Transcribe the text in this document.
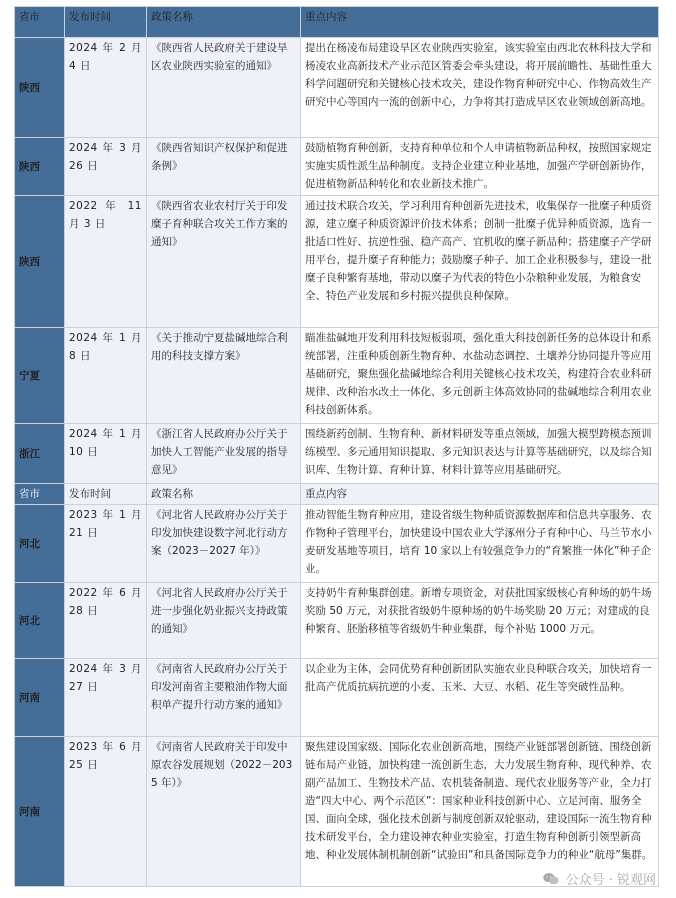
省市	发布时间	政策名称	重点内容
陕西	2024 年 2 月 4 日	《陕西省人民政府关于建设旱区农业陕西实验室的通知》	提出在杨凌布局建设旱区农业陕西实验室，该实验室由西北农林科技大学和杨凌农业高新技术产业示范区管委会牵头建设，将开展前瞻性、基础性重大科学问题研究和关键核心技术攻关，建设作物育种研究中心、作物高效生产研究中心等国内一流的创新中心，力争将其打造成旱区农业领域创新高地。
陕西	2024 年 3 月 26 日	《陕西省知识产权保护和促进条例》	鼓励植物育种创新，支持育种单位和个人申请植物新品种权，按照国家规定实施实质性派生品种制度。支持企业建立种业基地，加强产学研创新协作，促进植物新品种转化和农业新技术推广。
陕西	2022 年 11 月 3 日	《陕西省农业农村厅关于印发糜子育种联合攻关工作方案的通知》	通过技术联合攻关，学习利用育种创新先进技术，收集保存一批糜子种质资源，建立糜子种质资源评价技术体系；创制一批糜子优异种质资源，选育一批适口性好、抗逆性强、稳产高产、宜机收的糜子新品种；搭建糜子产学研用平台，提升糜子育种能力；鼓励糜子种子、加工企业积极参与，建设一批糜子良种繁育基地，带动以糜子为代表的特色小杂粮种业发展，为粮食安全、特色产业发展和乡村振兴提供良种保障。
宁夏	2024 年 1 月 8 日	《关于推动宁夏盐碱地综合利用的科技支撑方案》	瞄准盐碱地开发利用科技短板弱项，强化重大科技创新任务的总体设计和系统部署，注重种质创新生物育种、水盐动态调控、土壤养分协同提升等应用基础研究，聚焦强化盐碱地综合利用关键核心技术攻关，构建符合农业科研规律、改种治水改土一体化、多元创新主体高效协同的盐碱地综合利用农业科技创新体系。
浙江	2024 年 1 月 10 日	《浙江省人民政府办公厅关于加快人工智能产业发展的指导意见》	围绕新药创制、生物育种、新材料研发等重点领域，加强大模型跨模态预训练模型、多元通用知识提取、多元知识表达与计算等基础研究，以及综合知识库、生物计算、育种计算、材料计算等应用基础研究。
省市	发布时间	政策名称	重点内容
河北	2023 年 1 月 21 日	《河北省人民政府办公厅关于印发加快建设数字河北行动方案（2023－2027 年）》	推动智能生物育种应用，建设省级生物种质资源数据库和信息共享服务、农作物种子管理平台，加快建设中国农业大学涿州分子育种中心、马兰节水小麦研发基地等项目，培育 10 家以上有较强竞争力的“育繁推一体化”种子企业。
河北	2022 年 6 月 28 日	《河北省人民政府办公厅关于进一步强化奶业振兴支持政策的通知》	支持奶牛育种集群创建。新增专项资金，对获批国家级核心育种场的奶牛场奖励 50 万元，对获批省级奶牛原种场的奶牛场奖励 20 万元；对建成的良种繁育、胚胎移植等省级奶牛种业集群，每个补贴 1000 万元。
河南	2024 年 3 月 27 日	《河南省人民政府办公厅关于印发河南省主要粮油作物大面积单产提升行动方案的通知》	以企业为主体，会同优势育种创新团队实施农业良种联合攻关，加快培育一批高产优质抗病抗逆的小麦、玉米、大豆、水稻、花生等突破性品种。
河南	2023 年 6 月 25 日	《河南省人民政府关于印发中原农谷发展规划（2022－2035 年）》	聚焦建设国家级、国际化农业创新高地，围绕产业链部署创新链、围绕创新链布局产业链，加快构建一流创新生态，大力发展生物育种、现代种养、农副产品加工、生物技术产品、农机装备制造、现代农业服务等产业，全力打造“四大中心、两个示范区”：国家种业科技创新中心、立足河南、服务全国、面向全球，强化技术创新与制度创新双轮驱动，建设国际一流生物育种技术研发平台，全力建设神农种业实验室，打造生物育种创新引领型新高地、种业发展体制机制创新“试验田”和具备国际竞争力的种业“航母”集群。
公众号 · 锐观网
